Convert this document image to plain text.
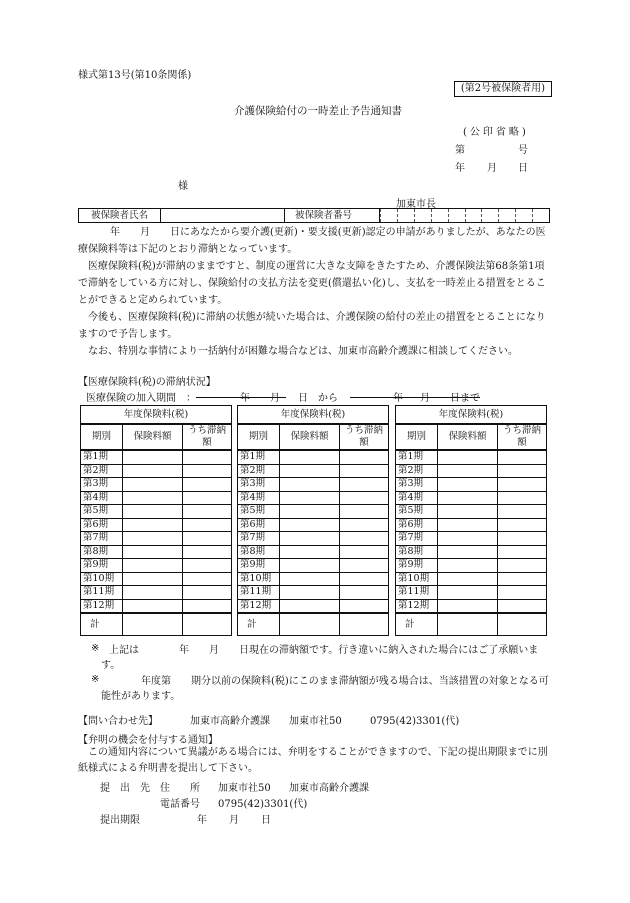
様式第13号(第10条関係)
(第2号被保険者用)
介護保険給付の一時差止予告通知書
(公印省略)
第	号
年 月 日
様
加東市長
被保険者氏名	被保険者番号

年　　月　　日にあなたから要介護(更新)・要支援(更新)認定の申請がありましたが、あなたの医療保険料等は下記のとおり滞納となっています。

医療保険料(税)が滞納のままですと、制度の運営に大きな支障をきたすため、介護保険法第68条第1項で滞納をしている方に対し、保険給付の支払方法を変更(償還払い化)し、支払を一時差止る措置をとることができると定められています。

今後も、医療保険料(税)に滞納の状態が続いた場合は、介護保険の給付の差止の措置をとることになりますので予告します。

なお、特別な事情により一括納付が困難な場合などは、加東市高齢介護課に相談してください。

【医療保険料(税)の滞納状況】
医療保険の加入期間　：	年 月 日 から	年 月 日まで
年度保険料(税)		
期別	保険料額	うち滞納額
第1期		
第2期		
第3期		
第4期		
第5期		
第6期		
第7期		
第8期		
第9期		
第10期		
第11期		
第12期		
計		
年度保険料(税)		
期別	保険料額	うち滞納額
第1期		
第2期		
第3期		
第4期		
第5期		
第6期		
第7期		
第8期		
第9期		
第10期		
第11期		
第12期		
計		
年度保険料(税)		
期別	保険料額	うち滞納額
第1期		
第2期		
第3期		
第4期		
第5期		
第6期		
第7期		
第8期		
第9期		
第10期		
第11期		
第12期		
計		
※ 上記は　　　　年　　月　　日現在の滞納額です。行き違いに納入された場合にはご了承願います。
※	年度第　　期分以前の保険料(税)にこのまま滞納額が残る場合は、当該措置の対象となる可能性があります。
【問い合わせ先】	加東市高齢介護課 加東市社50	0795(42)3301(代)
【弁明の機会を付与する通知】
この通知内容について異議がある場合には、弁明をすることができますので、下記の提出期限までに別紙様式による弁明書を提出して下さい。
提　出　先 住　　所 加東市社50 加東市高齢介護課
電話番号 0795(42)3301(代)
提出期限	年 月 日
